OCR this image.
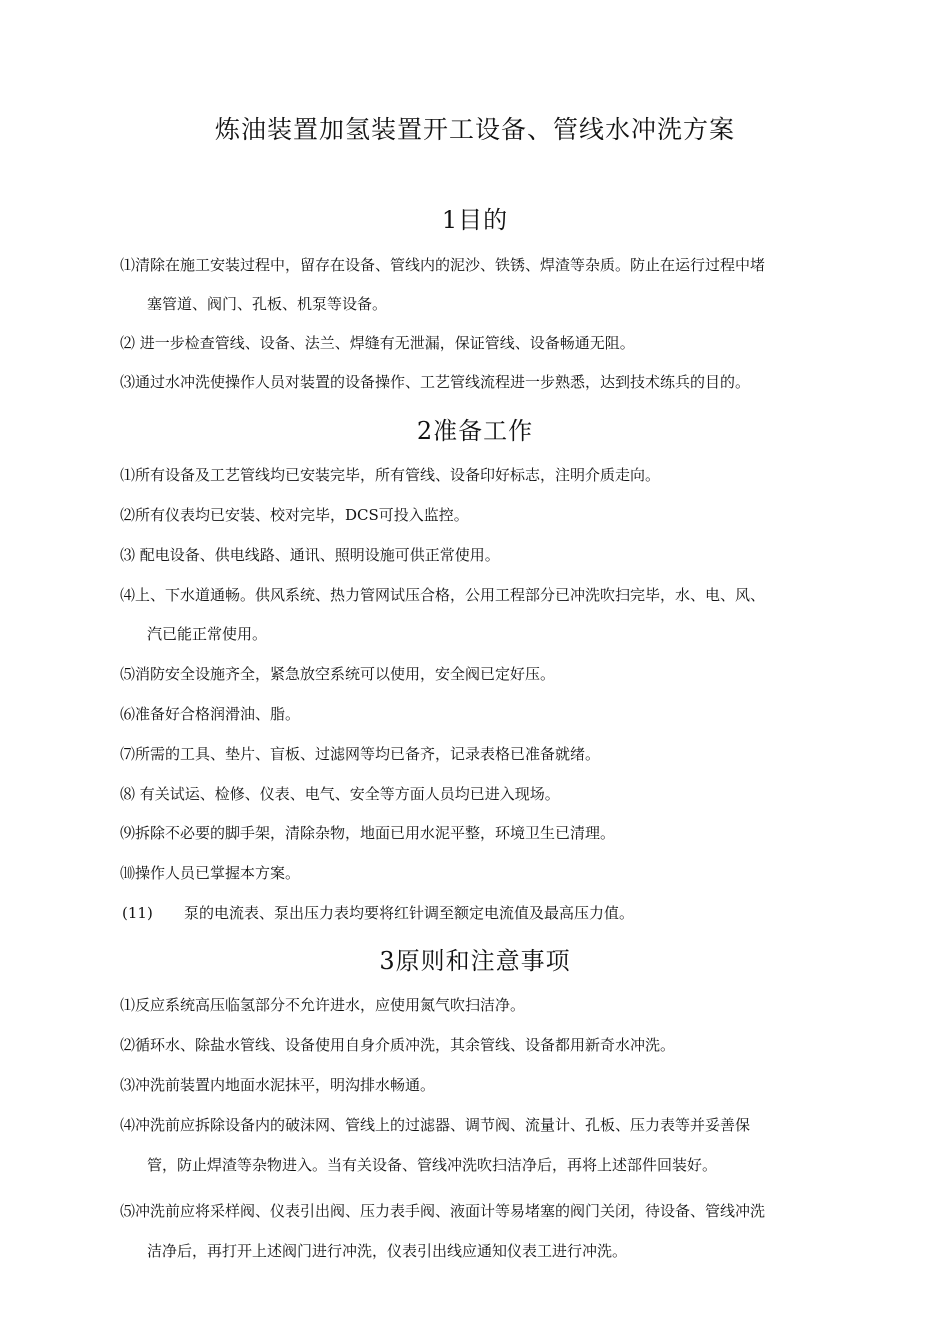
炼油装置加氢装置开工设备、管线水冲洗方案
1目的
⑴清除在施工安装过程中，留存在设备、管线内的泥沙、铁锈、焊渣等杂质。防止在运行过程中堵
塞管道、阀门、孔板、机泵等设备。
⑵ 进一步检查管线、设备、法兰、焊缝有无泄漏，保证管线、设备畅通无阻。
⑶通过水冲洗使操作人员对装置的设备操作、工艺管线流程进一步熟悉，达到技术练兵的目的。
2准备工作
⑴所有设备及工艺管线均已安装完毕，所有管线、设备印好标志，注明介质走向。
⑵所有仪表均已安装、校对完毕，DCS可投入监控。
⑶ 配电设备、供电线路、通讯、照明设施可供正常使用。
⑷上、下水道通畅。供风系统、热力管网试压合格，公用工程部分已冲洗吹扫完毕，水、电、风、
汽已能正常使用。
⑸消防安全设施齐全，紧急放空系统可以使用，安全阀已定好压。
⑹准备好合格润滑油、脂。
⑺所需的工具、垫片、盲板、过滤网等均已备齐，记录表格已准备就绪。
⑻ 有关试运、检修、仪表、电气、安全等方面人员均已进入现场。
⑼拆除不必要的脚手架，清除杂物，地面已用水泥平整，环境卫生已清理。
⑽操作人员已掌握本方案。
(11) 泵的电流表、泵出压力表均要将红针调至额定电流值及最高压力值。
3原则和注意事项
⑴反应系统高压临氢部分不允许进水，应使用氮气吹扫洁净。
⑵循环水、除盐水管线、设备使用自身介质冲洗，其余管线、设备都用新奇水冲洗。
⑶冲洗前装置内地面水泥抹平，明沟排水畅通。
⑷冲洗前应拆除设备内的破沫网、管线上的过滤器、调节阀、流量计、孔板、压力表等并妥善保
管，防止焊渣等杂物进入。当有关设备、管线冲洗吹扫洁净后，再将上述部件回装好。
⑸冲洗前应将采样阀、仪表引出阀、压力表手阀、液面计等易堵塞的阀门关闭，待设备、管线冲洗
洁净后，再打开上述阀门进行冲洗，仪表引出线应通知仪表工进行冲洗。
